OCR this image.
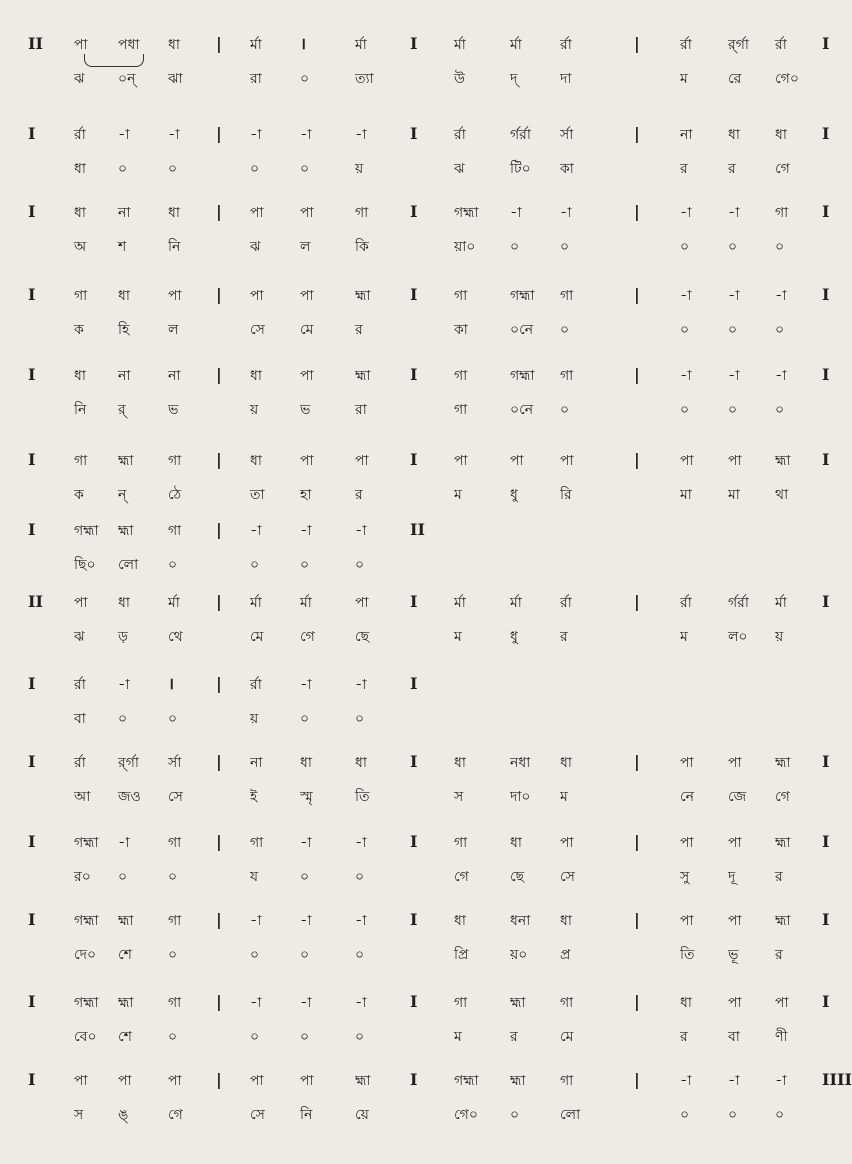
II পা পধা ধা | র্মা ।	র্মা	I	র্মা	র্মা	র্রা	|	র্রা	র্র্গা র্রা I
ঝ ০ন্ ঝা	রা	০	ত্যা	উ	দ্	দা	ম	রে গে০
I	র্রা -া	-া | -া	-া	-া	I	র্রা	র্গর্রা র্সা	|	না	ধা	ধা I
ধা ০	০	০	০	য়	ঝ	টি০ কা	র	র	গে
I	ধা না	ধা | পা	পা	গা	I	গহ্মা -া	-া	|	-া	-া	গা I
অ শ	নি	ঝ	ল	কি	য়া০ ০	০	০	০	০
I	গা ধা	পা | পা	পা	হ্মা I	গা	গহ্মা গা	|	-া	-া	-া I
ক হি	ল	সে	মে	র	কা	০নে ০	০	০	০
I	ধা না	না | ধা	পা	হ্মা I	গা	গহ্মা গা	|	-া	-া	-া I
নি র্	ভ	য়	ভ	রা	গা	০নে ০	০	০	০
I	গা হ্মা গা | ধা	পা	পা	I	পা	পা	পা	|	পা পা হ্মা I
ক ন্	ঠে	তা	হা	র	ম	ধু	রি	মা	মা	থা
I	গহ্মা হ্মা গা | -া	-া	-া	II
ছি০ লো ০	০	০	০
II পা ধা	র্মা | র্মা	র্মা	পা	I	র্মা	র্মা	র্রা	|	র্রা	র্গর্রা র্মা I
ঝ ড়	থে	মে	গে	ছে	ম	ধু	র	ম	ল০ য়
I	র্রা -া ।	| র্রা	-া	-া	I
বা ০	০	য়	০	০
I	র্রা র্র্গা র্সা | না	ধা	ধা	I	ধা	নধা ধা	|	পা পা হ্মা I
আ জও সে	ই	স্মৃ	তি	স	দা০ ম	নে জে গে
I	গহ্মা -া	গা | গা	-া	-া	I	গা	ধা	পা	|	পা পা হ্মা I
র০ ০	০	য	০	০	গে	ছে	সে	সু	দূ	র
I	গহ্মা হ্মা গা | -া	-া	-া	I	ধা	ধনা ধা	|	পা পা হ্মা I
দে০ শে	০	০	০	০	প্রি	য়০ প্র	তি ভূ	র
I	গহ্মা হ্মা গা | -া	-া	-া	I	গা	হ্মা গা	|	ধা	পা পা I
বে০ শে	০	০	০	০	ম	র	মে	র	বা	ণী
I	পা পা	পা | পা	পা	হ্মা I	গহ্মা হ্মা গা	|	-া	-া	-া IIII
স ঙ্	গে	সে	নি	য়ে	গে০ ০	লো	০	০	০
